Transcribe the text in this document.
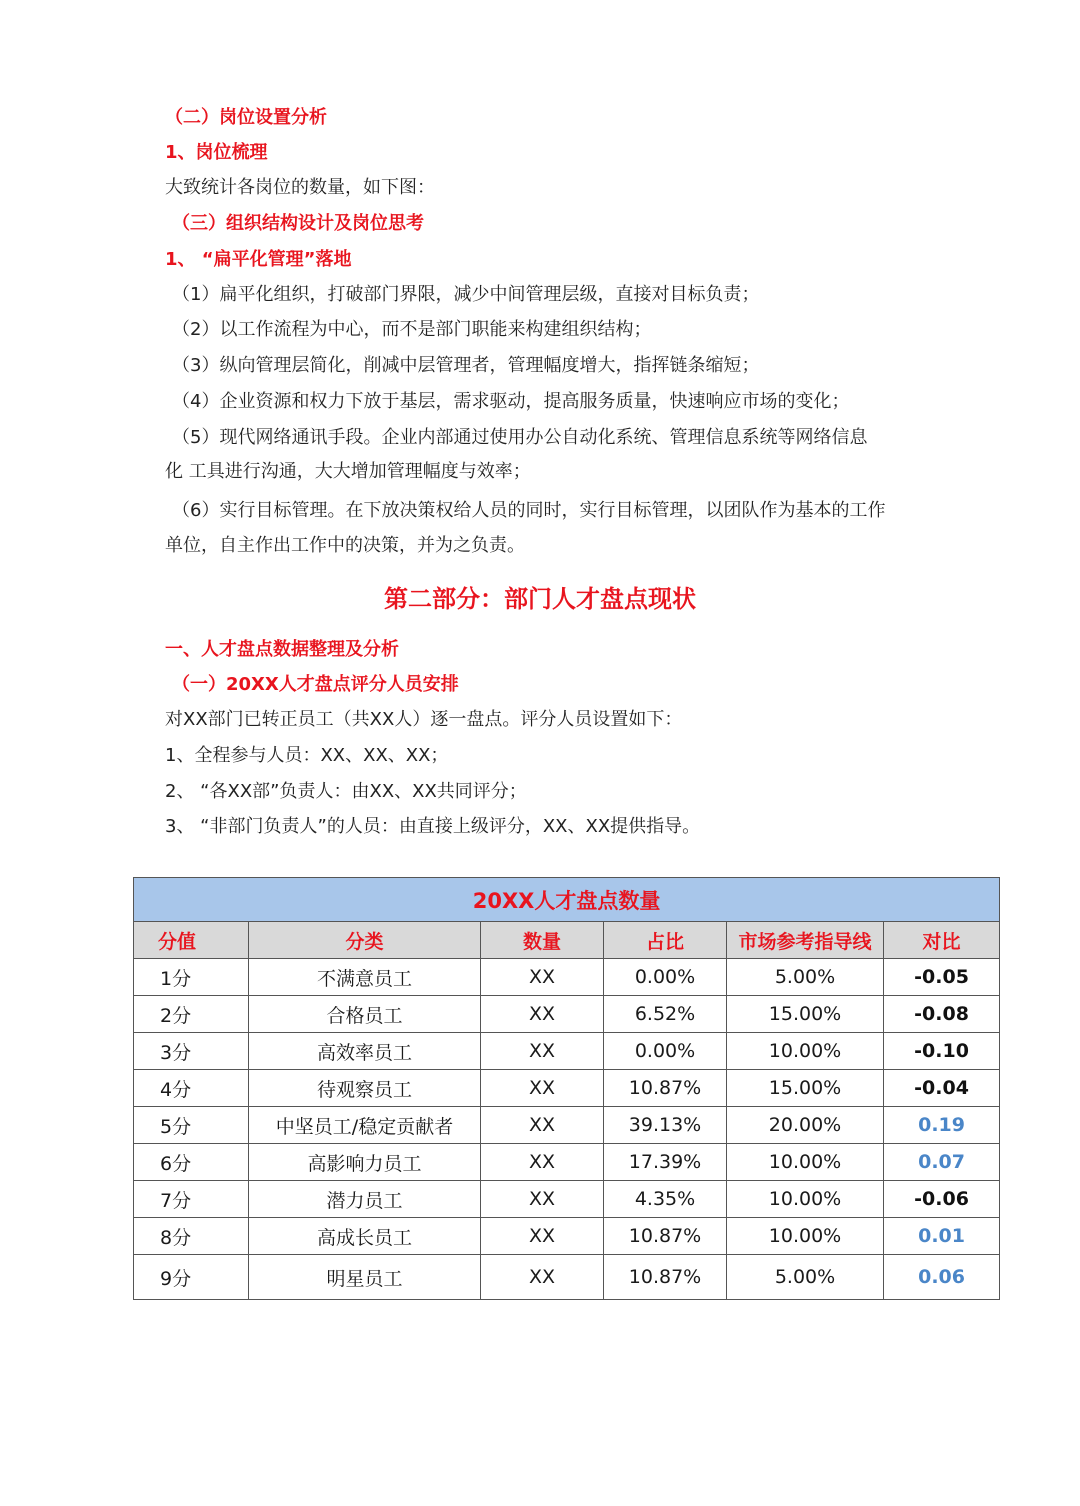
（二）岗位设置分析
1、岗位梳理
大致统计各岗位的数量，如下图：
（三）组织结构设计及岗位思考
1、 “扁平化管理”落地
（1）扁平化组织，打破部门界限，减少中间管理层级，直接对目标负责；
（2）以工作流程为中心，而不是部门职能来构建组织结构；
（3）纵向管理层简化，削减中层管理者，管理幅度增大，指挥链条缩短；
（4）企业资源和权力下放于基层，需求驱动，提高服务质量，快速响应市场的变化；
（5）现代网络通讯手段。企业内部通过使用办公自动化系统、管理信息系统等网络信息
化 工具进行沟通，大大增加管理幅度与效率；
（6）实行目标管理。在下放决策权给人员的同时，实行目标管理，以团队作为基本的工作
单位，自主作出工作中的决策，并为之负责。
第二部分：部门人才盘点现状
一、人才盘点数据整理及分析
（一）20XX人才盘点评分人员安排
对XX部门已转正员工（共XX人）逐一盘点。评分人员设置如下：
1、全程参与人员：XX、XX、XX；
2、 “各XX部”负责人：由XX、XX共同评分；
3、 “非部门负责人”的人员：由直接上级评分，XX、XX提供指导。
20XX人才盘点数量					
分值	分类	数量	占比	市场参考指导线	对比
1分	不满意员工	XX	0.00%	5.00%	-0.05
2分	合格员工	XX	6.52%	15.00%	-0.08
3分	高效率员工	XX	0.00%	10.00%	-0.10
4分	待观察员工	XX	10.87%	15.00%	-0.04
5分	中坚员工/稳定贡献者	XX	39.13%	20.00%	0.19
6分	高影响力员工	XX	17.39%	10.00%	0.07
7分	潜力员工	XX	4.35%	10.00%	-0.06
8分	高成长员工	XX	10.87%	10.00%	0.01
9分	明星员工	XX	10.87%	5.00%	0.06
